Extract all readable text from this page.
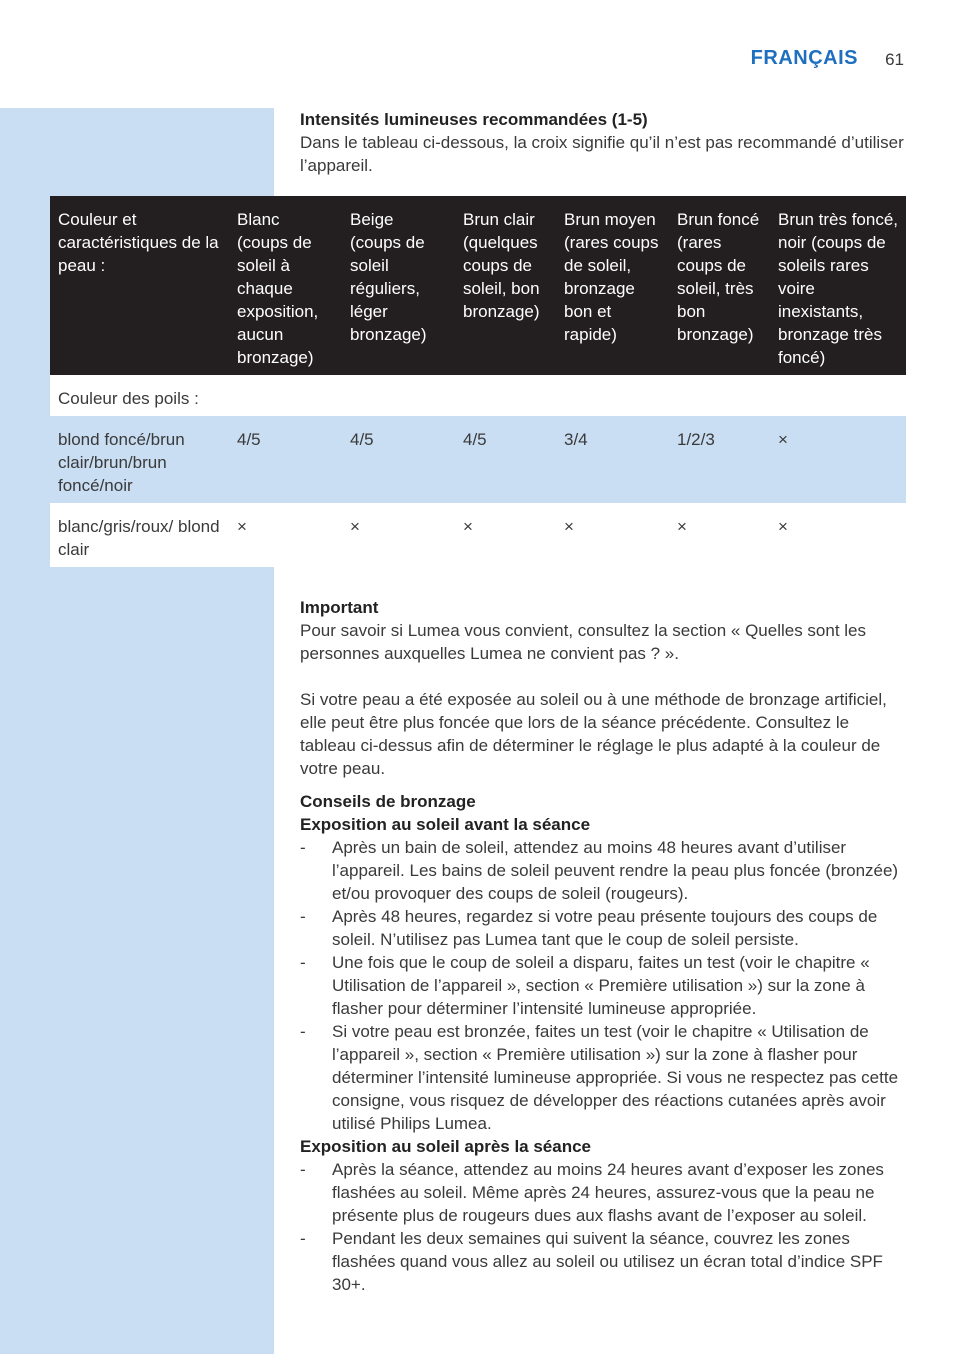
FRANÇAIS 61

Intensités lumineuses recommandées (1-5)

Dans le tableau ci-dessous, la croix signifie qu’il n’est pas recommandé d’utiliser l’appareil.

Couleur et caractéristiques de la peau :	Blanc (coups de soleil à chaque exposition, aucun bronzage)	Beige (coups de soleil réguliers, léger bronzage)	Brun clair (quelques coups de soleil, bon bronzage)	Brun moyen (rares coups de soleil, bronzage bon et rapide)	Brun foncé (rares coups de soleil, très bon bronzage)	Brun très foncé, noir (coups de soleils rares voire inexistants, bronzage très foncé)
Couleur des poils :						
blond foncé/brun clair/brun/brun foncé/noir	4/5	4/5	4/5	3/4	1/2/3	×
blanc/gris/roux/ blond clair	×	×	×	×	×	×

Important

Pour savoir si Lumea vous convient, consultez la section « Quelles sont les personnes auxquelles Lumea ne convient pas ? ».

Si votre peau a été exposée au soleil ou à une méthode de bronzage artificiel, elle peut être plus foncée que lors de la séance précédente. Consultez le tableau ci-dessus afin de déterminer le réglage le plus adapté à la couleur de votre peau.

Conseils de bronzage

Exposition au soleil avant la séance

- Après un bain de soleil, attendez au moins 48 heures avant d’utiliser l’appareil. Les bains de soleil peuvent rendre la peau plus foncée (bronzée) et/ou provoquer des coups de soleil (rougeurs).
- Après 48 heures, regardez si votre peau présente toujours des coups de soleil. N’utilisez pas Lumea tant que le coup de soleil persiste.
- Une fois que le coup de soleil a disparu, faites un test (voir le chapitre « Utilisation de l’appareil », section « Première utilisation ») sur la zone à flasher pour déterminer l’intensité lumineuse appropriée.
- Si votre peau est bronzée, faites un test (voir le chapitre « Utilisation de l’appareil », section « Première utilisation ») sur la zone à flasher pour déterminer l’intensité lumineuse appropriée. Si vous ne respectez pas cette consigne, vous risquez de développer des réactions cutanées après avoir utilisé Philips Lumea.

Exposition au soleil après la séance

- Après la séance, attendez au moins 24 heures avant d’exposer les zones flashées au soleil. Même après 24 heures, assurez-vous que la peau ne présente plus de rougeurs dues aux flashs avant de l’exposer au soleil.
- Pendant les deux semaines qui suivent la séance, couvrez les zones flashées quand vous allez au soleil ou utilisez un écran total d’indice SPF 30+.
